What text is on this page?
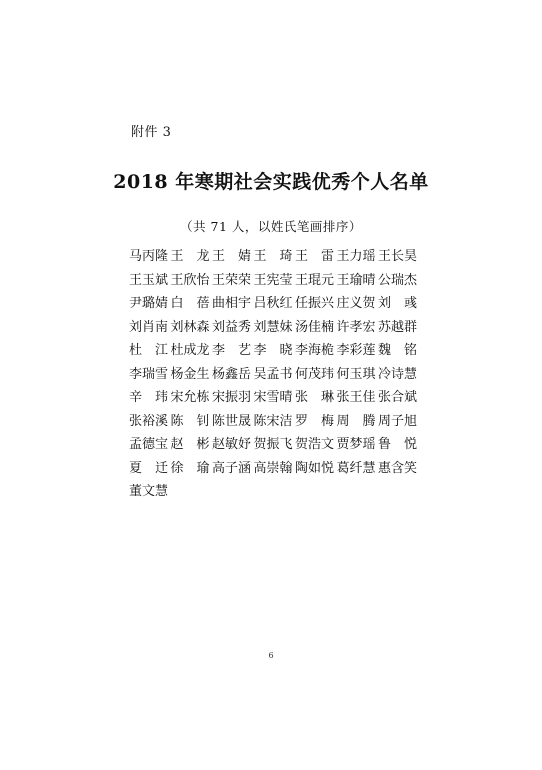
附件 3
2018 年寒期社会实践优秀个人名单
（共 71 人，以姓氏笔画排序）
马丙隆 王　龙 王　婧 王　琦 王　雷 王力瑶 王长昊
王玉斌 王欣怡 王荣荣 王宪莹 王琨元 王瑜晴 公瑞杰
尹璐婧 白　蓓 曲相宇 吕秋红 任振兴 庄义贺 刘　彧
刘肖南 刘林森 刘益秀 刘慧妹 汤佳楠 许孝宏 苏越群
杜　江 杜成龙 李　艺 李　晓 李海桅 李彩莲 魏　铭
李瑞雪 杨金生 杨鑫岳 吴孟书 何茂玮 何玉琪 冷诗慧
辛　玮 宋允栋 宋振羽 宋雪晴 张　琳 张王佳 张合斌
张裕溪 陈　钊 陈世晟 陈宋洁 罗　梅 周　腾 周子旭
孟德宝 赵　彬 赵敏妤 贺振飞 贺浩文 贾梦瑶 鲁　悦
夏　迁 徐　瑜 高子涵 高崇翰 陶如悦 葛纤慧 惠含笑
董文慧
6
